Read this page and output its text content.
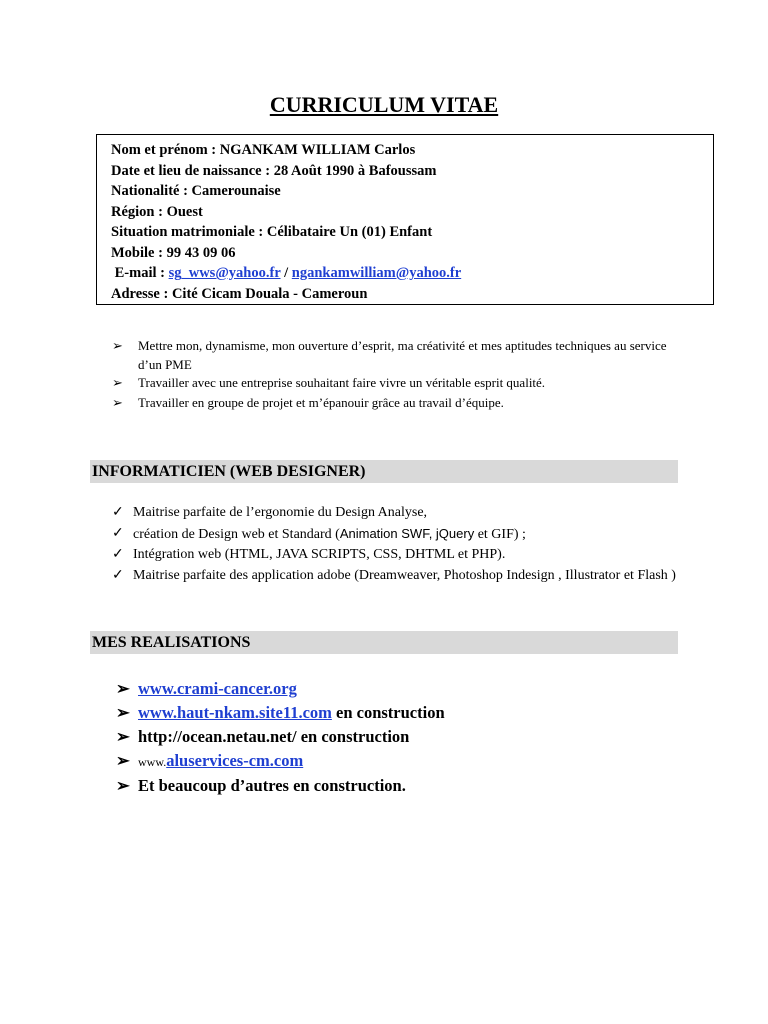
CURRICULUM VITAE
Nom et prénom : NGANKAM WILLIAM Carlos
Date et lieu de naissance : 28 Août 1990 à Bafoussam
Nationalité : Camerounaise
Région : Ouest
Situation matrimoniale : Célibataire Un (01) Enfant
Mobile : 99 43 09 06
E-mail : sg_wws@yahoo.fr / ngankamwilliam@yahoo.fr
Adresse : Cité Cicam Douala - Cameroun
➢ Mettre mon, dynamisme, mon ouverture d’esprit, ma créativité et mes aptitudes techniques au service d’un PME
➢ Travailler avec une entreprise souhaitant faire vivre un véritable esprit qualité.
➢ Travailler en groupe de projet et m’épanouir grâce au travail d’équipe.
INFORMATICIEN (WEB DESIGNER)
✓ Maitrise parfaite de l’ergonomie du Design Analyse,
✓ création de Design web et Standard (Animation SWF, jQuery et GIF) ;
✓ Intégration web (HTML, JAVA SCRIPTS, CSS, DHTML et PHP).
✓ Maitrise parfaite des application adobe (Dreamweaver, Photoshop Indesign , Illustrator et Flash )
MES REALISATIONS
➢ www.crami-cancer.org
➢ www.haut-nkam.site11.com en construction
➢ http://ocean.netau.net/ en construction
➢ www.aluservices-cm.com
➢ Et beaucoup d’autres en construction.
